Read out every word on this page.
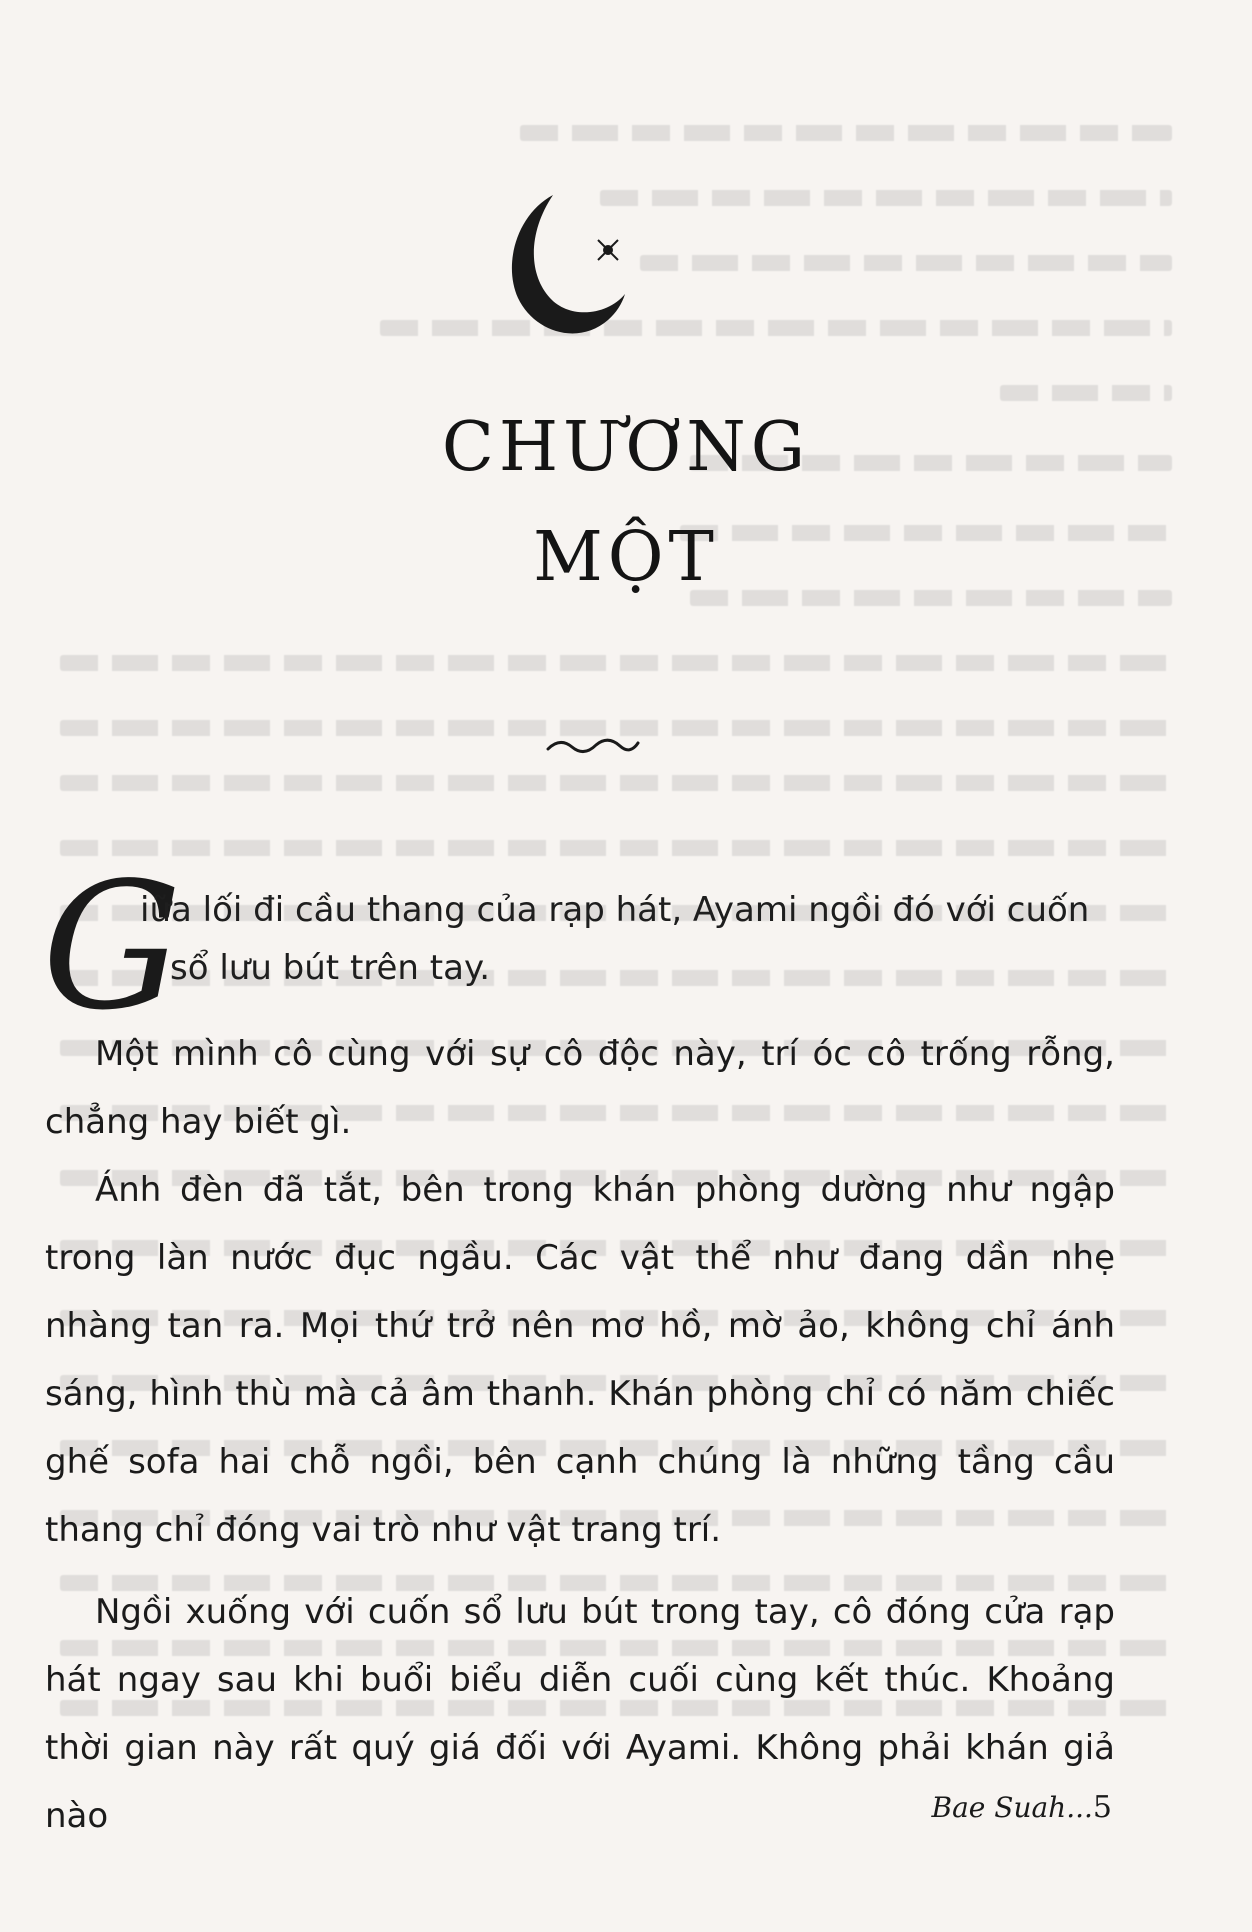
CHƯƠNG
MỘT
G
iữa lối đi cầu thang của rạp hát, Ayami ngồi đó với cuốn
sổ lưu bút trên tay.

Một mình cô cùng với sự cô độc này, trí óc cô trống rỗng, chẳng hay biết gì.

Ánh đèn đã tắt, bên trong khán phòng dường như ngập trong làn nước đục ngầu. Các vật thể như đang dần nhẹ nhàng tan ra. Mọi thứ trở nên mơ hồ, mờ ảo, không chỉ ánh sáng, hình thù mà cả âm thanh. Khán phòng chỉ có năm chiếc ghế sofa hai chỗ ngồi, bên cạnh chúng là những tầng cầu thang chỉ đóng vai trò như vật trang trí.

Ngồi xuống với cuốn sổ lưu bút trong tay, cô đóng cửa rạp hát ngay sau khi buổi biểu diễn cuối cùng kết thúc. Khoảng thời gian này rất quý giá đối với Ayami. Không phải khán giả nào	Bae Suah...5
